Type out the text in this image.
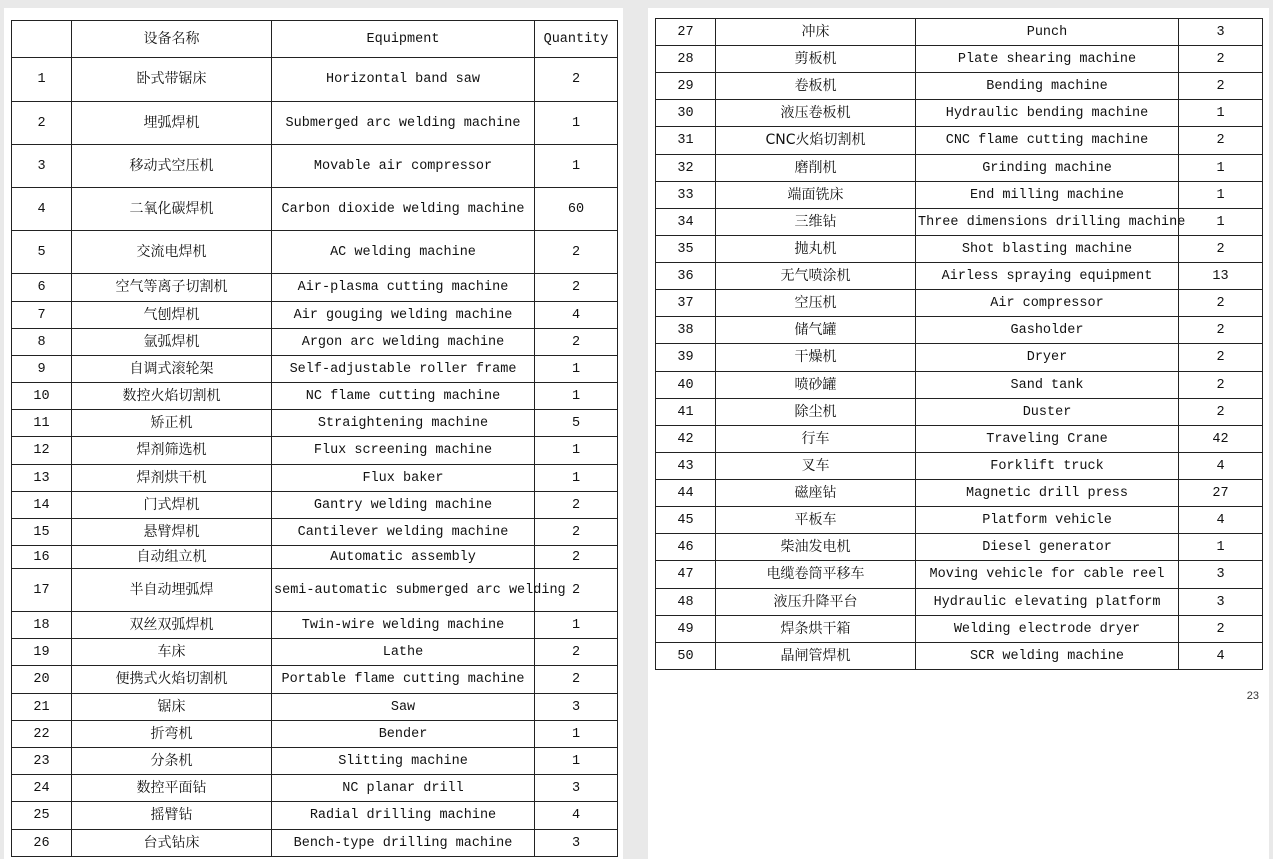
	设备名称	Equipment	Quantity
1	卧式带锯床	Horizontal band saw	2
2	埋弧焊机	Submerged arc welding machine	1
3	移动式空压机	Movable air compressor	1
4	二氧化碳焊机	Carbon dioxide welding machine	60
5	交流电焊机	AC welding machine	2
6	空气等离子切割机	Air-plasma cutting machine	2
7	气刨焊机	Air gouging welding machine	4
8	氩弧焊机	Argon arc welding machine	2
9	自调式滚轮架	Self-adjustable roller frame	1
10	数控火焰切割机	NC flame cutting machine	1
11	矫正机	Straightening machine	5
12	焊剂筛选机	Flux screening machine	1
13	焊剂烘干机	Flux baker	1
14	门式焊机	Gantry welding machine	2
15	悬臂焊机	Cantilever welding machine	2
16	自动组立机	Automatic assembly	2
17	半自动埋弧焊	semi-automatic submerged arc welding	2
18	双丝双弧焊机	Twin-wire welding machine	1
19	车床	Lathe	2
20	便携式火焰切割机	Portable flame cutting machine	2
21	锯床	Saw	3
22	折弯机	Bender	1
23	分条机	Slitting machine	1
24	数控平面钻	NC planar drill	3
25	摇臂钻	Radial drilling machine	4
26	台式钻床	Bench-type drilling machine	3
27	冲床	Punch	3
28	剪板机	Plate shearing machine	2
29	卷板机	Bending machine	2
30	液压卷板机	Hydraulic bending machine	1
31	CNC火焰切割机	CNC flame cutting machine	2
32	磨削机	Grinding machine	1
33	端面铣床	End milling machine	1
34	三维钻	Three dimensions drilling machine	1
35	抛丸机	Shot blasting machine	2
36	无气喷涂机	Airless spraying equipment	13
37	空压机	Air compressor	2
38	储气罐	Gasholder	2
39	干燥机	Dryer	2
40	喷砂罐	Sand tank	2
41	除尘机	Duster	2
42	行车	Traveling Crane	42
43	叉车	Forklift truck	4
44	磁座钻	Magnetic drill press	27
45	平板车	Platform vehicle	4
46	柴油发电机	Diesel generator	1
47	电缆卷筒平移车	Moving vehicle for cable reel	3
48	液压升降平台	Hydraulic elevating platform	3
49	焊条烘干箱	Welding electrode dryer	2
50	晶闸管焊机	SCR welding machine	4
23
